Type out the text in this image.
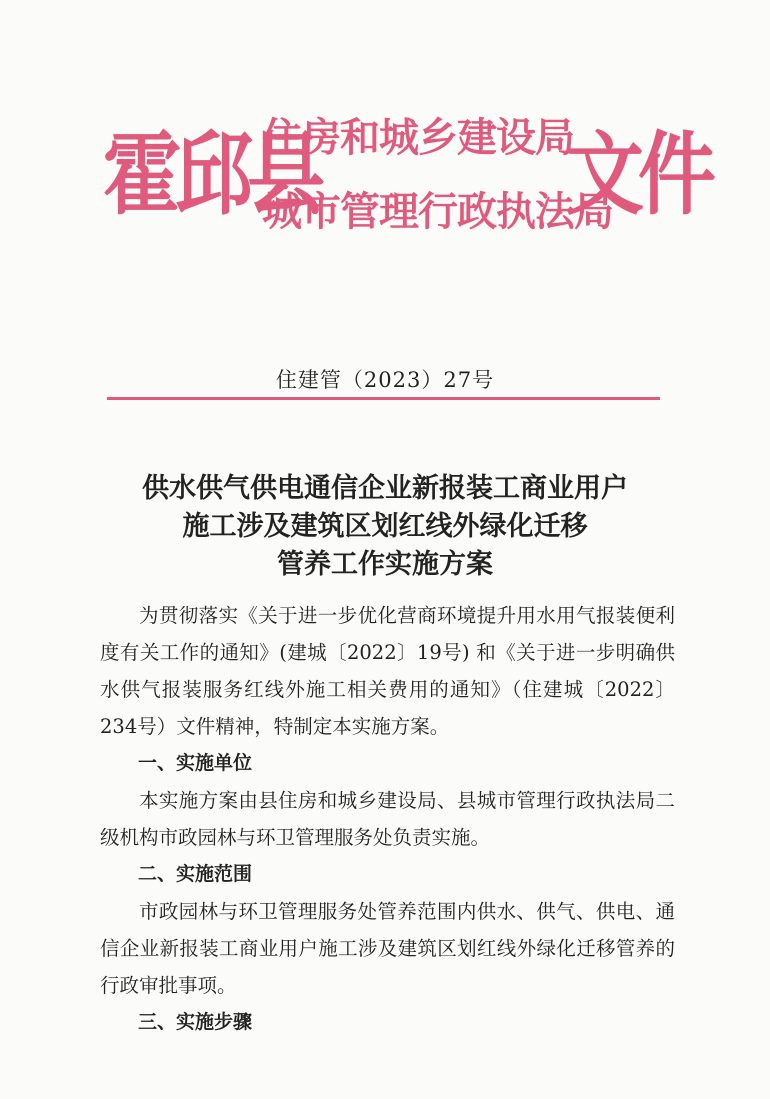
霍邱县
住房和城乡建设局
城市管理行政执法局
文件
住建管（2023）27号
供水供气供电通信企业新报装工商业用户
施工涉及建筑区划红线外绿化迁移
管养工作实施方案

为贯彻落实《关于进一步优化营商环境提升用水用气报装便利度有关工作的通知》(建城〔2022〕19号) 和《关于进一步明确供水供气报装服务红线外施工相关费用的通知》（住建城〔2022〕234号）文件精神，特制定本实施方案。

一、实施单位

本实施方案由县住房和城乡建设局、县城市管理行政执法局二级机构市政园林与环卫管理服务处负责实施。

二、实施范围

市政园林与环卫管理服务处管养范围内供水、供气、供电、通信企业新报装工商业用户施工涉及建筑区划红线外绿化迁移管养的行政审批事项。

三、实施步骤
